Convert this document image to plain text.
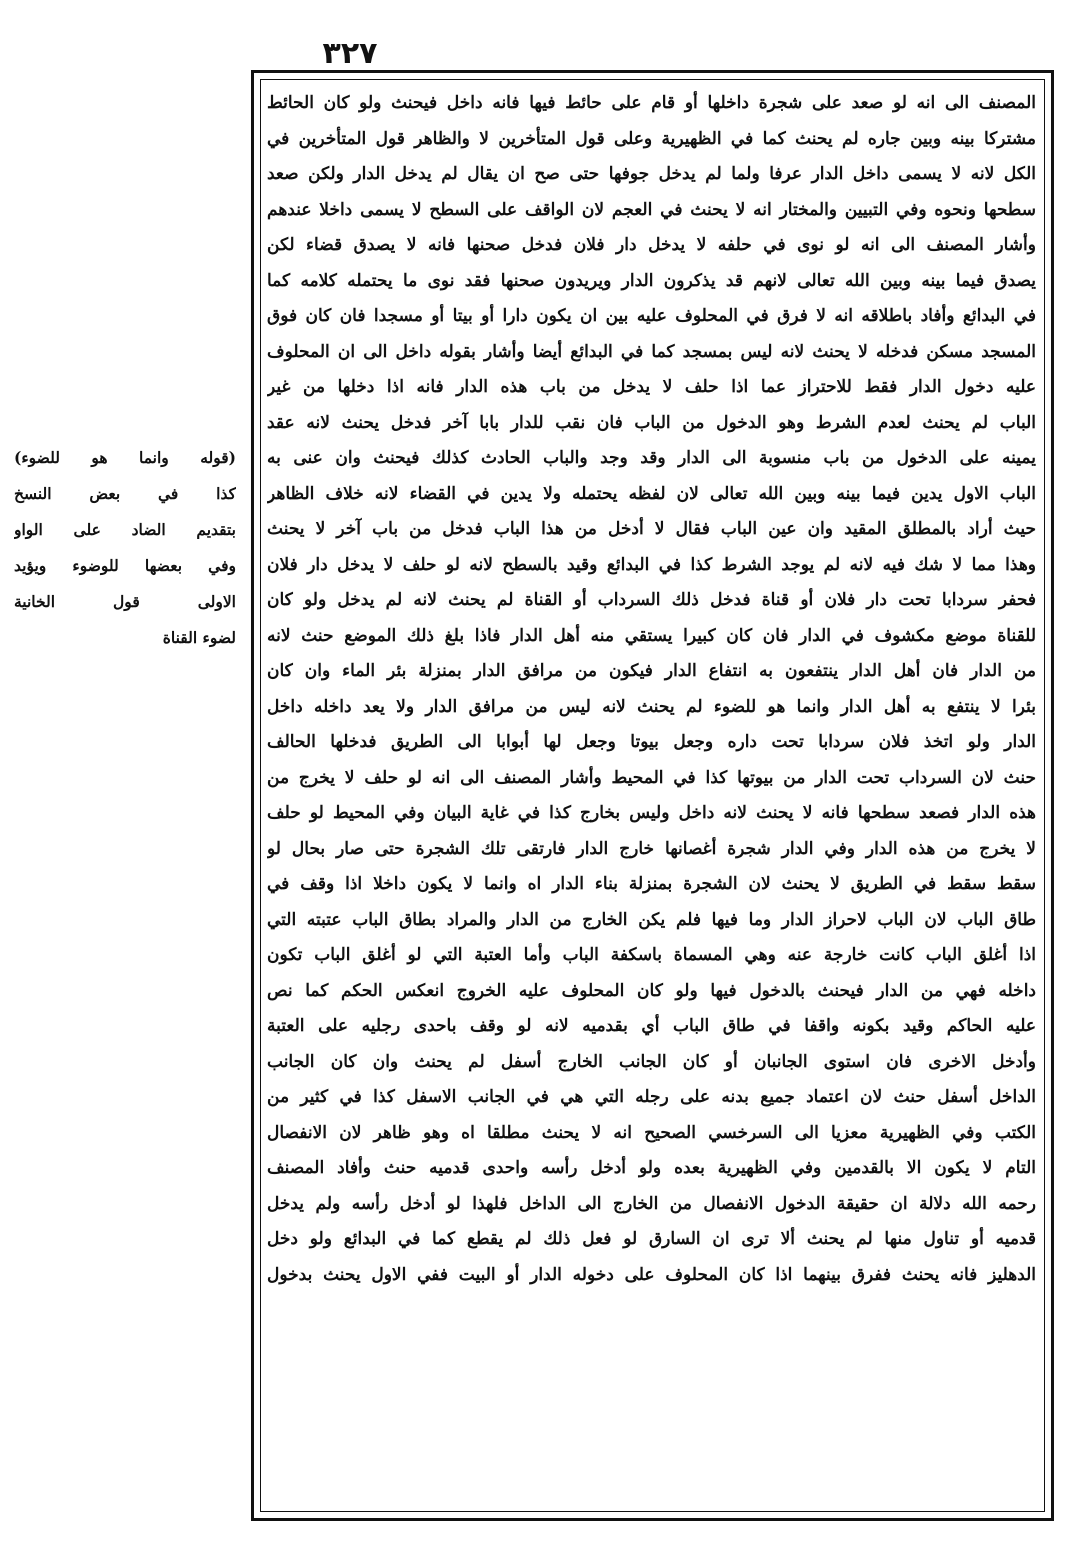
٣٢٧
(قوله وانما هو للضوء)
كذا في بعض النسخ
بتقديم الضاد على الواو
وفي بعضها للوضوء ويؤيد
الاولى قول الخانية
لضوء القناة
المصنف الى انه لو صعد على شجرة داخلها أو قام على حائط فيها فانه داخل فيحنث ولو كان الحائط
مشتركا بينه وبين جاره لم يحنث كما في الظهيرية وعلى قول المتأخرين لا والظاهر قول المتأخرين في
الكل لانه لا يسمى داخل الدار عرفا ولما لم يدخل جوفها حتى صح ان يقال لم يدخل الدار ولكن صعد
سطحها ونحوه وفي التبيين والمختار انه لا يحنث في العجم لان الواقف على السطح لا يسمى داخلا عندهم
وأشار المصنف الى انه لو نوى في حلفه لا يدخل دار فلان فدخل صحنها فانه لا يصدق قضاء لكن
يصدق فيما بينه وبين الله تعالى لانهم قد يذكرون الدار ويريدون صحنها فقد نوى ما يحتمله كلامه كما
في البدائع وأفاد باطلاقه انه لا فرق في المحلوف عليه بين ان يكون دارا أو بيتا أو مسجدا فان كان فوق
المسجد مسكن فدخله لا يحنث لانه ليس بمسجد كما في البدائع أيضا وأشار بقوله داخل الى ان المحلوف
عليه دخول الدار فقط للاحتراز عما اذا حلف لا يدخل من باب هذه الدار فانه اذا دخلها من غير
الباب لم يحنث لعدم الشرط وهو الدخول من الباب فان نقب للدار بابا آخر فدخل يحنث لانه عقد
يمينه على الدخول من باب منسوبة الى الدار وقد وجد والباب الحادث كذلك فيحنث وان عنى به
الباب الاول يدين فيما بينه وبين الله تعالى لان لفظه يحتمله ولا يدين في القضاء لانه خلاف الظاهر
حيث أراد بالمطلق المقيد وان عين الباب فقال لا أدخل من هذا الباب فدخل من باب آخر لا يحنث
وهذا مما لا شك فيه لانه لم يوجد الشرط كذا في البدائع وقيد بالسطح لانه لو حلف لا يدخل دار فلان
فحفر سردابا تحت دار فلان أو قناة فدخل ذلك السرداب أو القناة لم يحنث لانه لم يدخل ولو كان
للقناة موضع مكشوف في الدار فان كان كبيرا يستقي منه أهل الدار فاذا بلغ ذلك الموضع حنث لانه
من الدار فان أهل الدار ينتفعون به انتفاع الدار فيكون من مرافق الدار بمنزلة بئر الماء وان كان
بئرا لا ينتفع به أهل الدار وانما هو للضوء لم يحنث لانه ليس من مرافق الدار ولا يعد داخله داخل
الدار ولو اتخذ فلان سردابا تحت داره وجعل بيوتا وجعل لها أبوابا الى الطريق فدخلها الحالف
حنث لان السرداب تحت الدار من بيوتها كذا في المحيط وأشار المصنف الى انه لو حلف لا يخرج من
هذه الدار فصعد سطحها فانه لا يحنث لانه داخل وليس بخارج كذا في غاية البيان وفي المحيط لو حلف
لا يخرج من هذه الدار وفي الدار شجرة أغصانها خارج الدار فارتقى تلك الشجرة حتى صار بحال لو
سقط سقط في الطريق لا يحنث لان الشجرة بمنزلة بناء الدار اه وانما لا يكون داخلا اذا وقف في
طاق الباب لان الباب لاحراز الدار وما فيها فلم يكن الخارج من الدار والمراد بطاق الباب عتبته التي
اذا أغلق الباب كانت خارجة عنه وهي المسماة باسكفة الباب وأما العتبة التي لو أغلق الباب تكون
داخله فهي من الدار فيحنث بالدخول فيها ولو كان المحلوف عليه الخروج انعكس الحكم كما نص
عليه الحاكم وقيد بكونه واقفا في طاق الباب أي بقدميه لانه لو وقف باحدى رجليه على العتبة
وأدخل الاخرى فان استوى الجانبان أو كان الجانب الخارج أسفل لم يحنث وان كان الجانب
الداخل أسفل حنث لان اعتماد جميع بدنه على رجله التي هي في الجانب الاسفل كذا في كثير من
الكتب وفي الظهيرية معزيا الى السرخسي الصحيح انه لا يحنث مطلقا اه وهو ظاهر لان الانفصال
التام لا يكون الا بالقدمين وفي الظهيرية بعده ولو أدخل رأسه واحدى قدميه حنث وأفاد المصنف
رحمه الله دلالة ان حقيقة الدخول الانفصال من الخارج الى الداخل فلهذا لو أدخل رأسه ولم يدخل
قدميه أو تناول منها لم يحنث ألا ترى ان السارق لو فعل ذلك لم يقطع كما في البدائع ولو دخل
الدهليز فانه يحنث ففرق بينهما اذا كان المحلوف على دخوله الدار أو البيت ففي الاول يحنث بدخول
